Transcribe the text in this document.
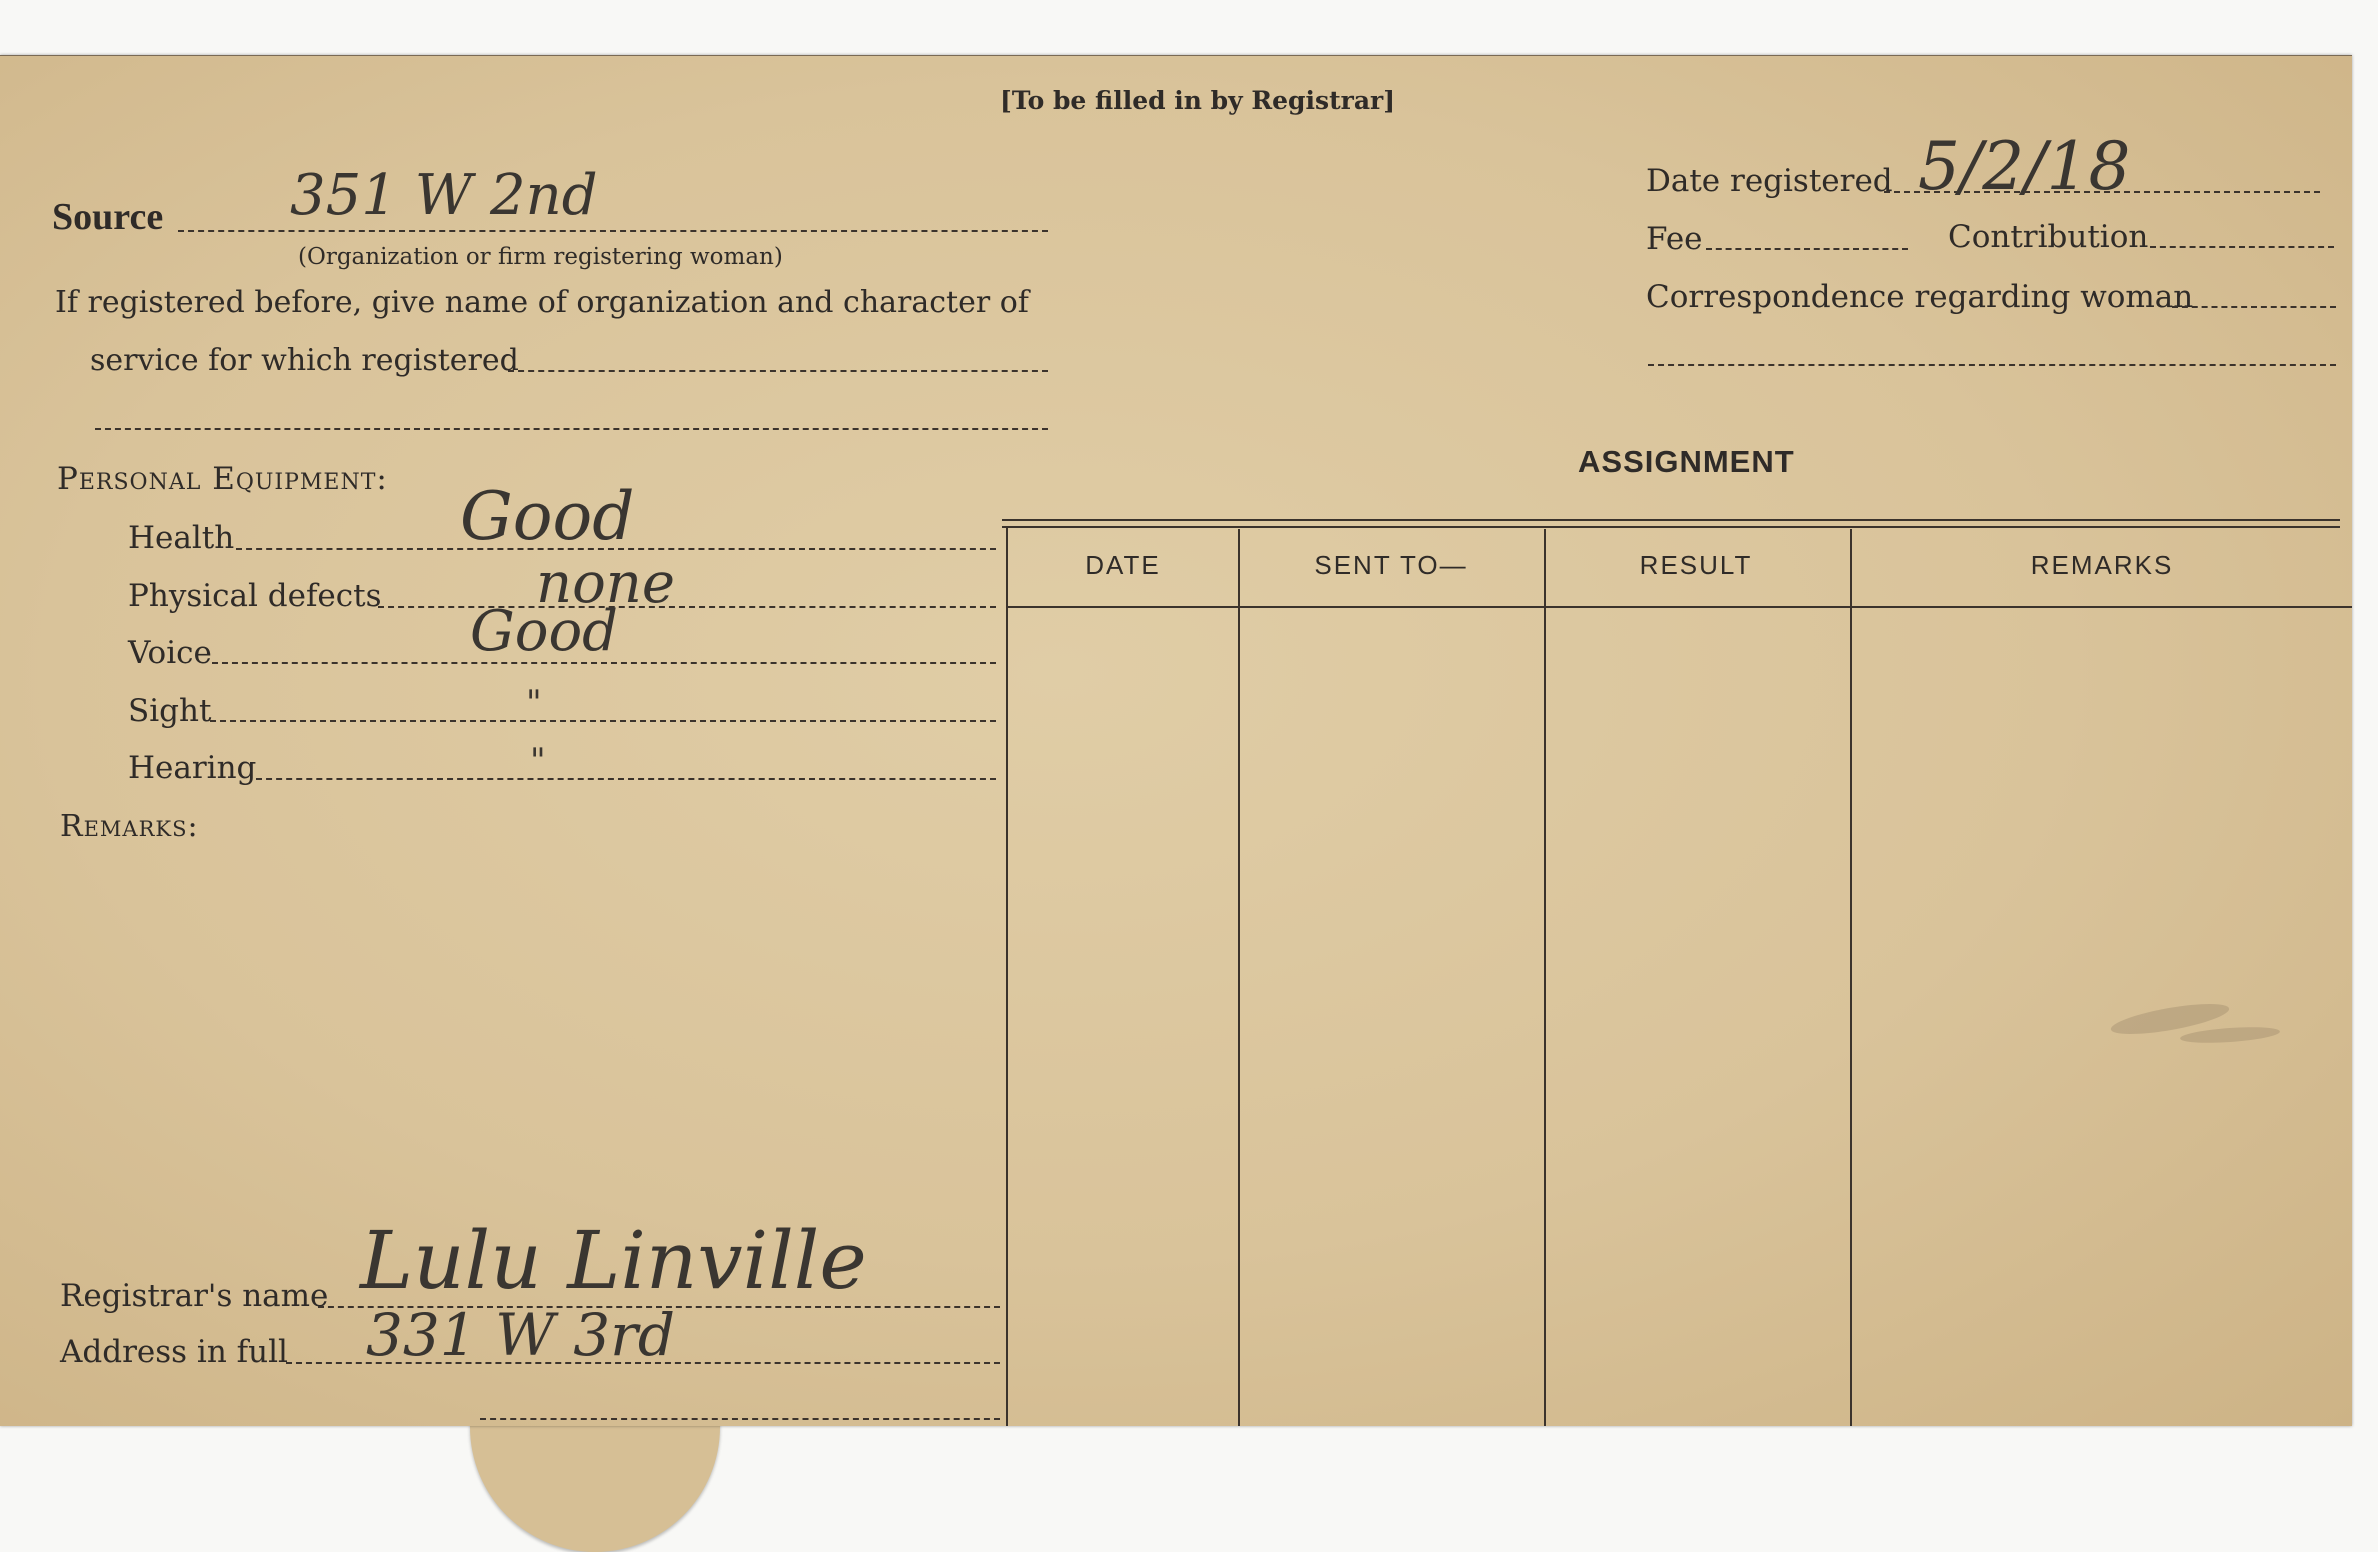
[To be filled in by Registrar]
Source 351 W 2nd
(Organization or firm registering woman)
If registered before, give name of organization and character of
service for which registered
Personal Equipment:
Health	Good
Physical defects	none
Voice	Good
Sight	"
Hearing	"
Remarks:
Registrar's name Lulu Linville
Address in full 331 W 3rd
Date registered 5/2/18
Fee	Contribution
Correspondence regarding woman
ASSIGNMENT
DATE	SENT TO—	RESULT	REMARKS
